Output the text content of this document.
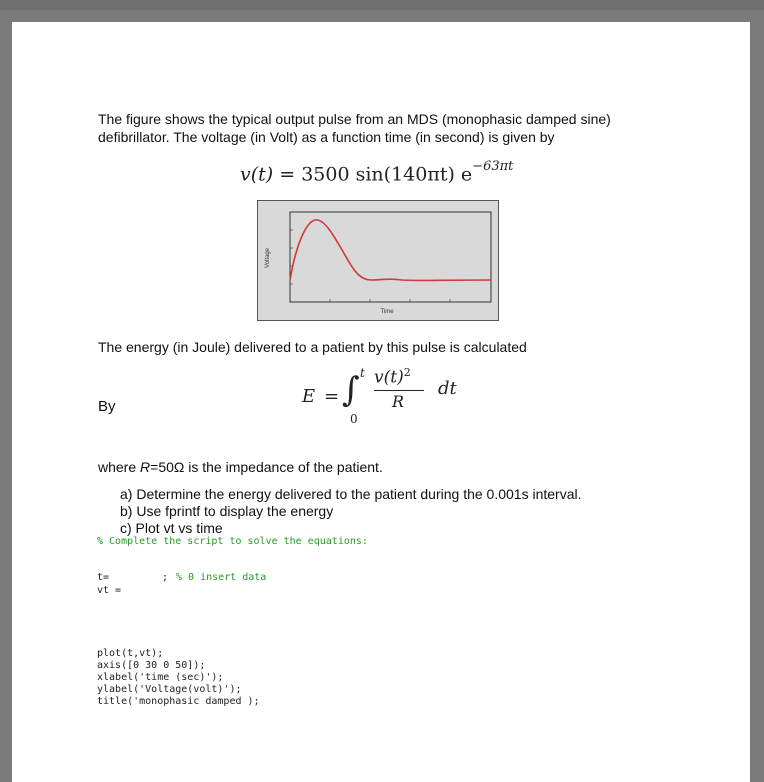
The figure shows the typical output pulse from an MDS (monophasic damped sine)

defibrillator. The voltage (in Volt) as a function time (in second) is given by

v(t) = 3500 sin(140πt) $e^{-63\pi t}$
Voltage
Time

The energy (in Joule) delivered to a patient by this pulse is calculated

By	E = ∫ t
0
$v(t)^2$
R
dt

where R=50Ω is the impedance of the patient.

a) Determine the energy delivered to the patient during the 0.001s interval.
b) Use fprintf to display the energy
c) Plot vt vs time
% Complete the script to solve the equations:
t=	; % 0 insert data
vt =
plot(t,vt);
axis([0 30 0 50]);
xlabel('time (sec)');
ylabel('Voltage(volt)');
title('monophasic damped );
